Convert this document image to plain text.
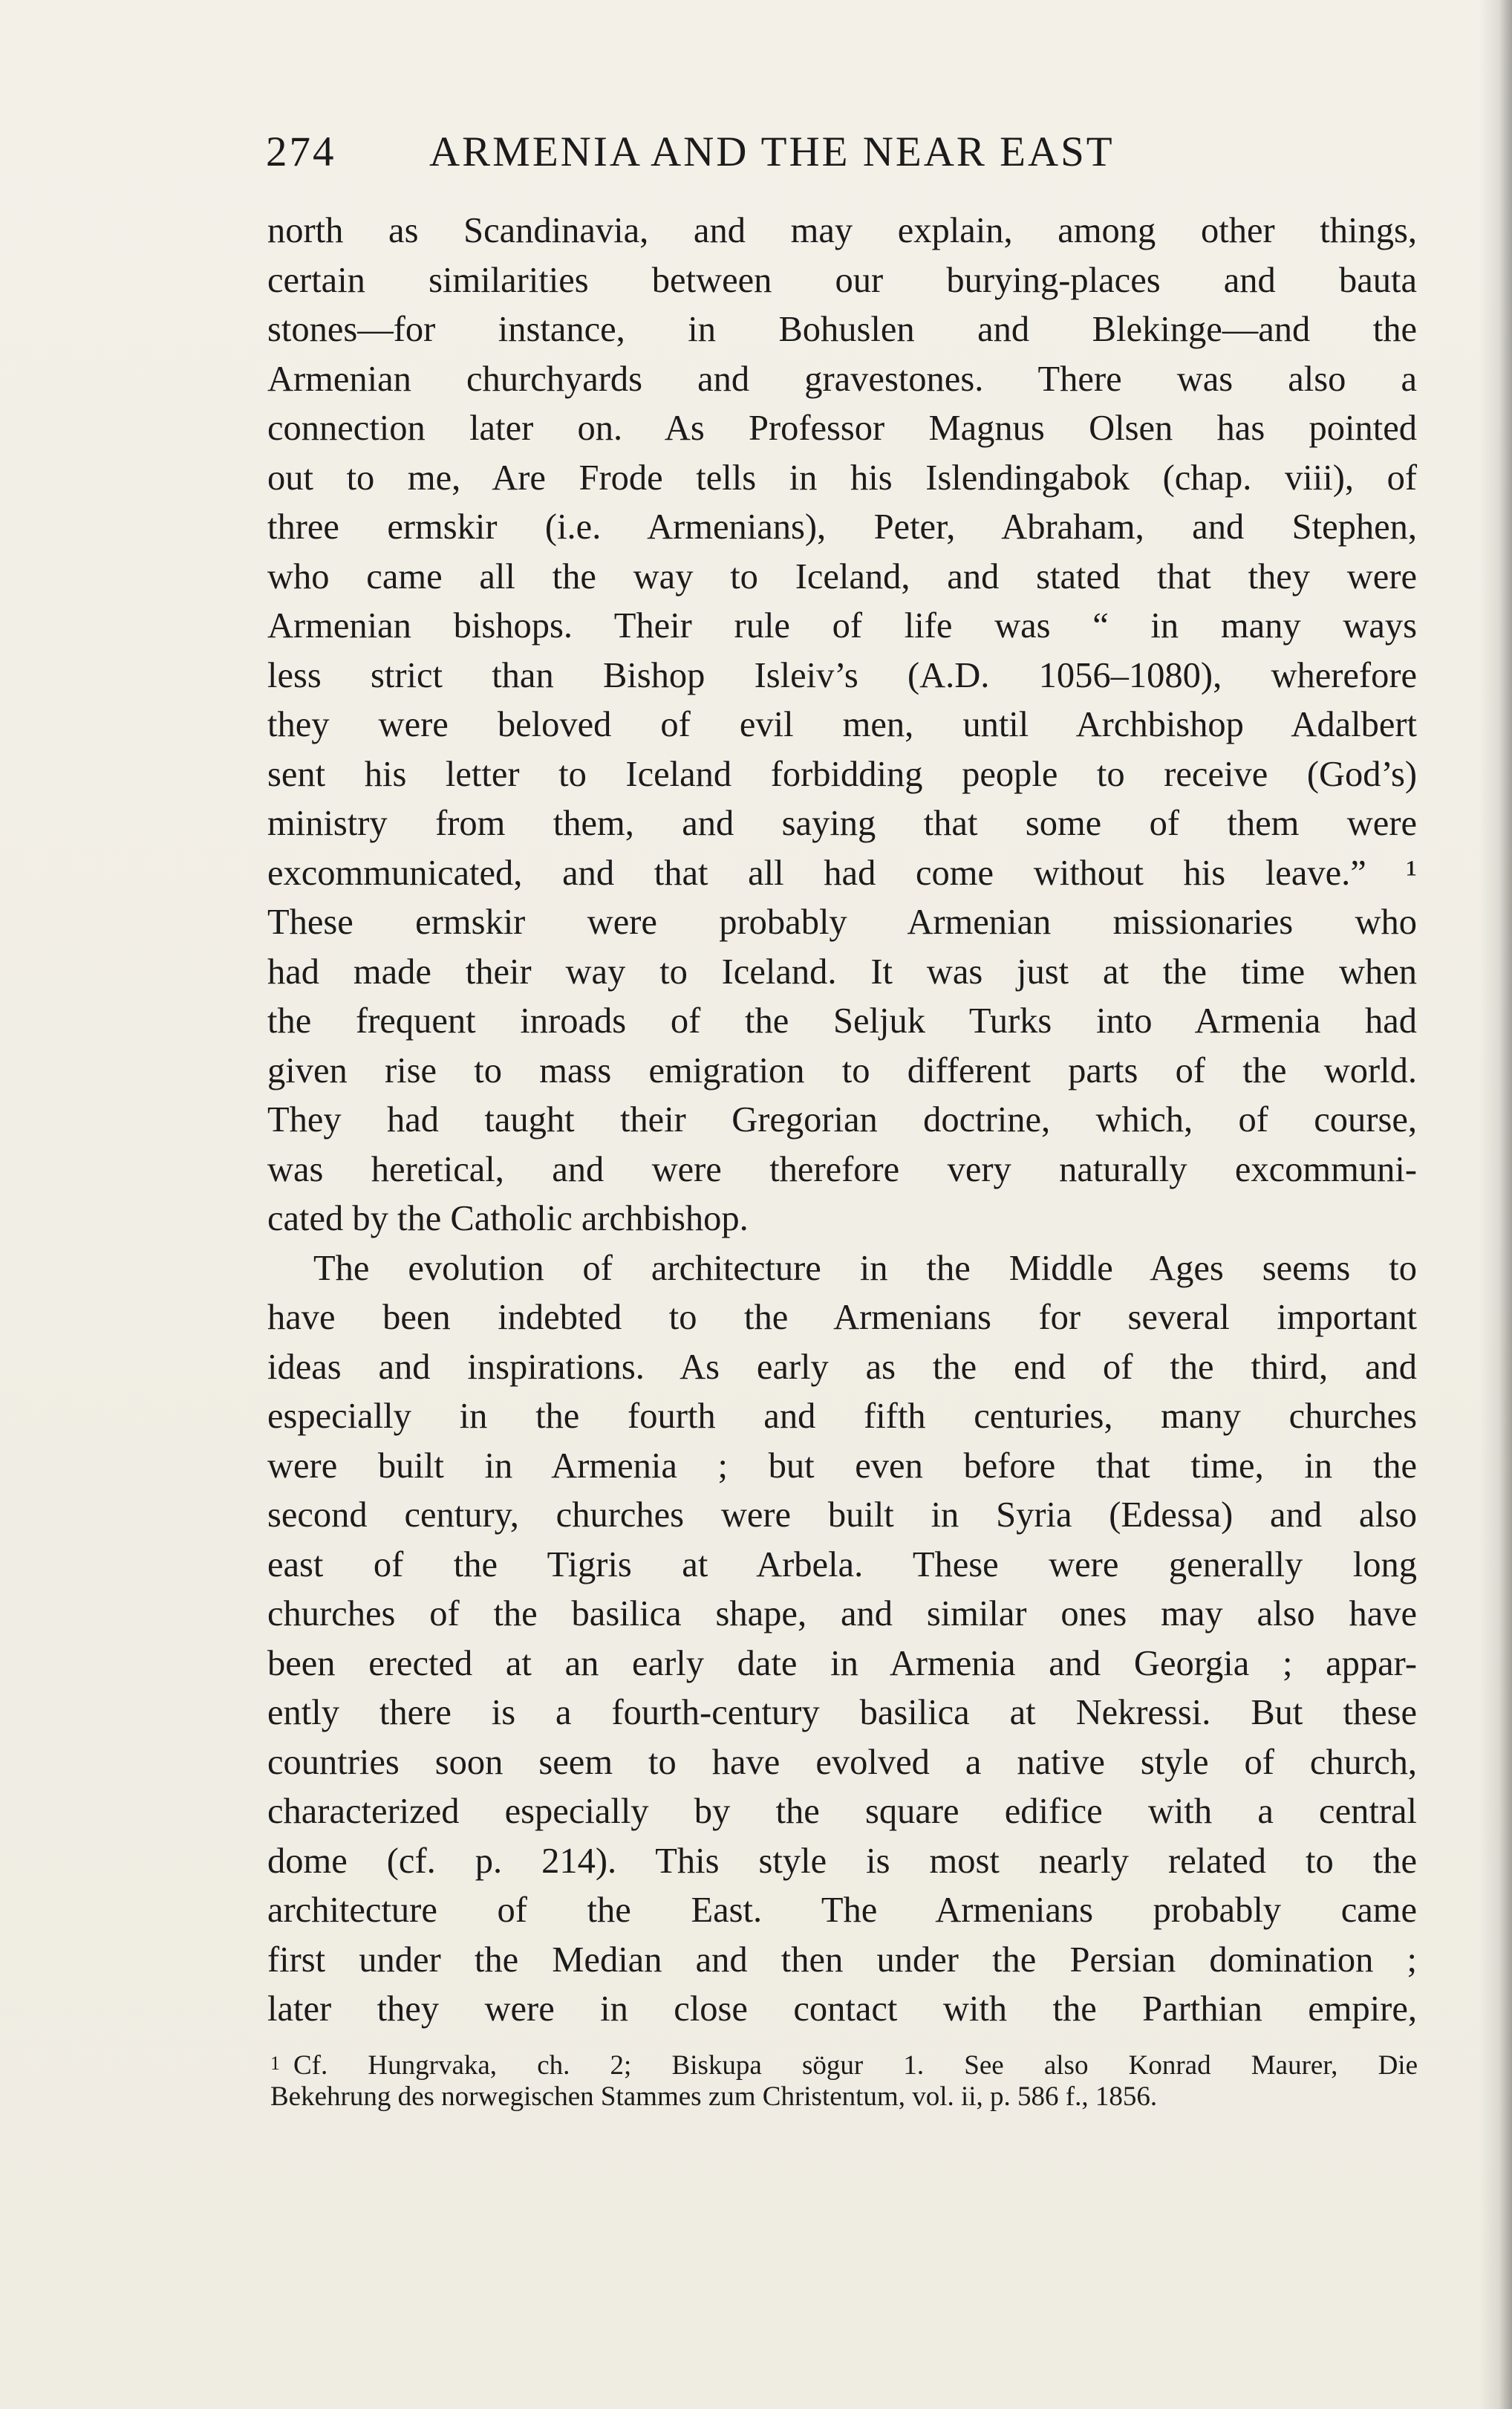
274 ARMENIA AND THE NEAR EAST
north as Scandinavia, and may explain, among other things,
certain similarities between our burying-places and bauta
stones—for instance, in Bohuslen and Blekinge—and the
Armenian churchyards and gravestones. There was also a
connection later on. As Professor Magnus Olsen has pointed
out to me, Are Frode tells in his Islendingabok (chap. viii), of
three ermskir (i.e. Armenians), Peter, Abraham, and Stephen,
who came all the way to Iceland, and stated that they were
Armenian bishops. Their rule of life was “ in many ways
less strict than Bishop Isleiv’s (A.D. 1056–1080), wherefore
they were beloved of evil men, until Archbishop Adalbert
sent his letter to Iceland forbidding people to receive (God’s)
ministry from them, and saying that some of them were
excommunicated, and that all had come without his leave.” ¹
These ermskir were probably Armenian missionaries who
had made their way to Iceland. It was just at the time when
the frequent inroads of the Seljuk Turks into Armenia had
given rise to mass emigration to different parts of the world.
They had taught their Gregorian doctrine, which, of course,
was heretical, and were therefore very naturally excommuni-
cated by the Catholic archbishop.
The evolution of architecture in the Middle Ages seems to
have been indebted to the Armenians for several important
ideas and inspirations. As early as the end of the third, and
especially in the fourth and fifth centuries, many churches
were built in Armenia ; but even before that time, in the
second century, churches were built in Syria (Edessa) and also
east of the Tigris at Arbela. These were generally long
churches of the basilica shape, and similar ones may also have
been erected at an early date in Armenia and Georgia ; appar-
ently there is a fourth-century basilica at Nekressi. But these
countries soon seem to have evolved a native style of church,
characterized especially by the square edifice with a central
dome (cf. p. 214). This style is most nearly related to the
architecture of the East. The Armenians probably came
first under the Median and then under the Persian domination ;
later they were in close contact with the Parthian empire,
1 Cf. Hungrvaka, ch. 2; Biskupa sögur 1. See also Konrad Maurer, Die
Bekehrung des norwegischen Stammes zum Christentum, vol. ii, p. 586 f., 1856.
